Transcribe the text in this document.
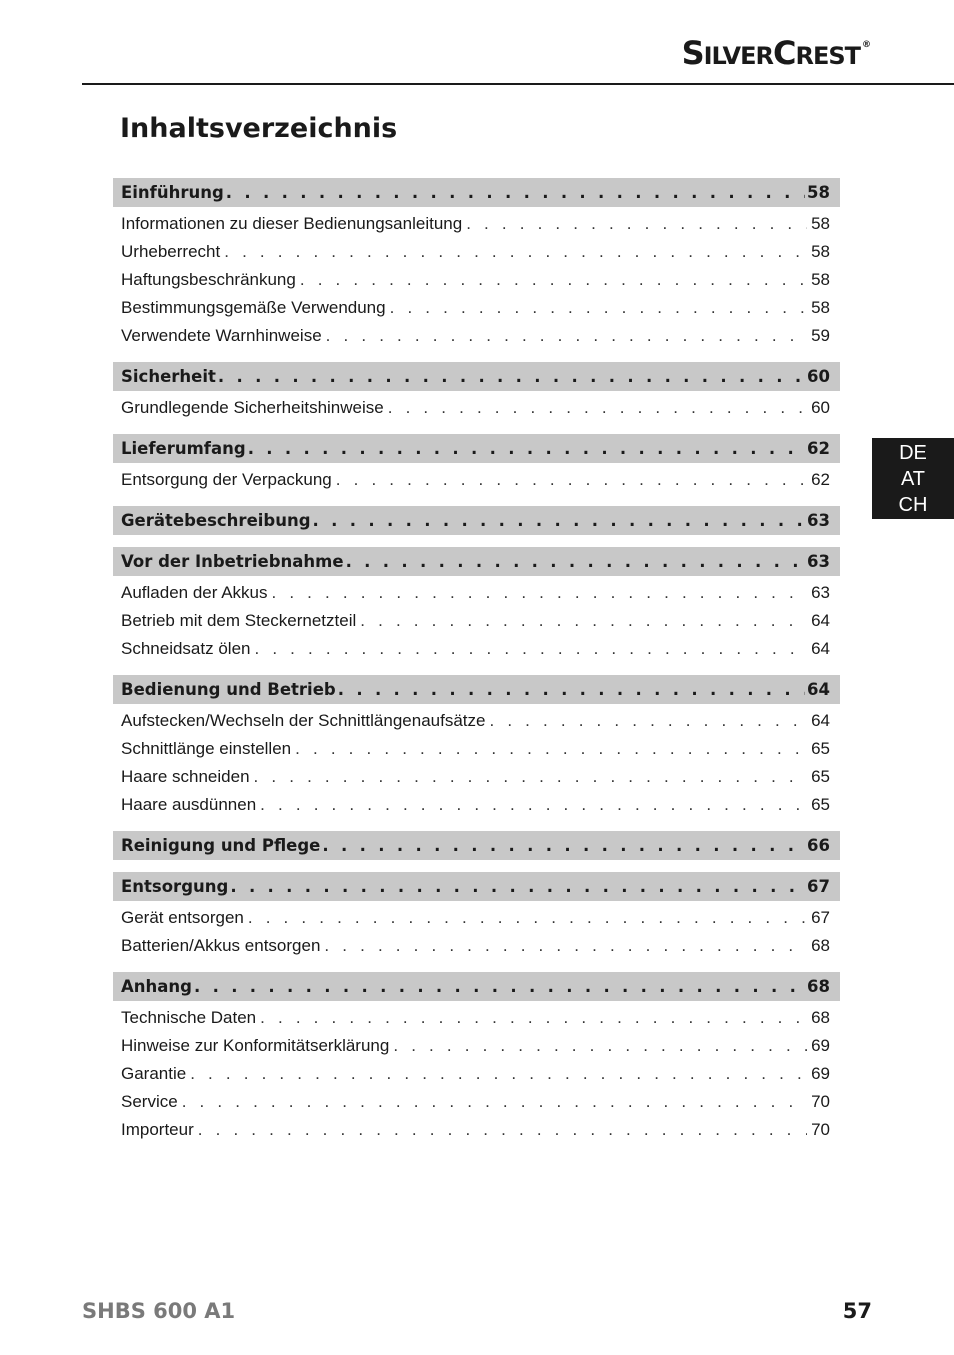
SILVERCREST ®
Inhaltsverzeichnis
Einführung . . .	58
Informationen zu dieser Bedienungsanleitung . . .	58
Urheberrecht . . .	58
Haftungsbeschränkung . . .	58
Bestimmungsgemäße Verwendung . . .	58
Verwendete Warnhinweise . . .	59
Sicherheit . . .	60
Grundlegende Sicherheitshinweise . . .	60
Lieferumfang . . .	62
Entsorgung der Verpackung . . .	62
Gerätebeschreibung . . .	63
Vor der Inbetriebnahme . . .	63
Aufladen der Akkus . . .	63
Betrieb mit dem Steckernetzteil . . .	64
Schneidsatz ölen . . .	64
Bedienung und Betrieb . . .	64
Aufstecken/Wechseln der Schnittlängenaufsätze . . .	64
Schnittlänge einstellen . . .	65
Haare schneiden . . .	65
Haare ausdünnen . . .	65
Reinigung und Pflege . . .	66
Entsorgung . . .	67
Gerät entsorgen . . .	67
Batterien/Akkus entsorgen . . .	68
Anhang . . .	68
Technische Daten . . .	68
Hinweise zur Konformitätserklärung . . .	69
Garantie . . .	69
Service . . .	70
Importeur . . .	70
DE
AT
CH
SHBS 600 A1	57
